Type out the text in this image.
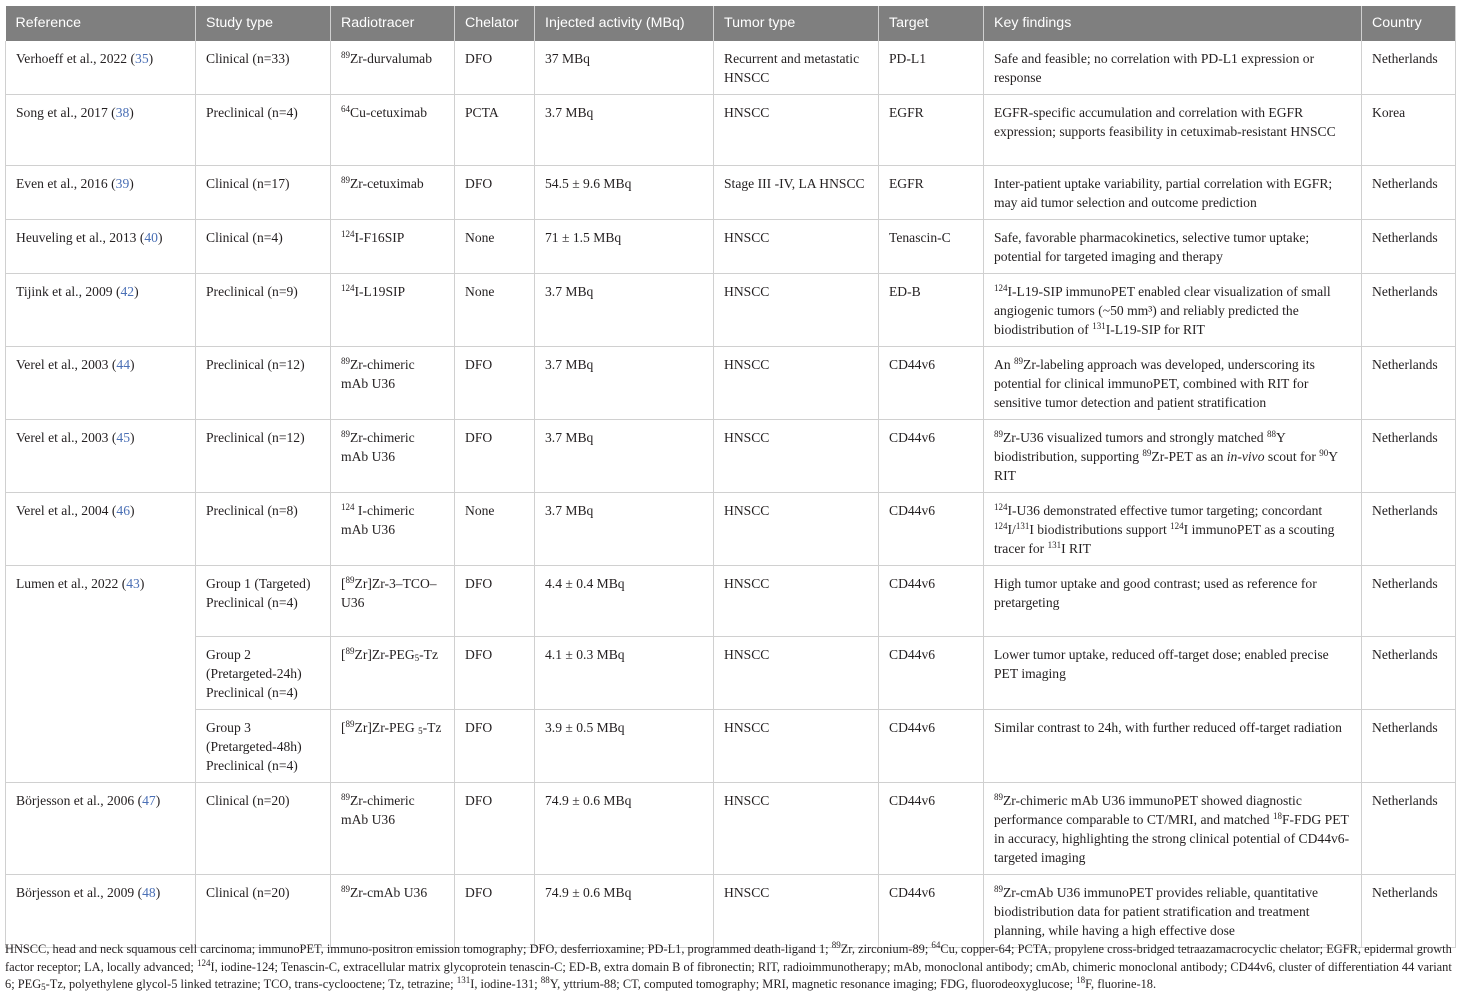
Reference	Study type	Radiotracer	Chelator	Injected activity (MBq)	Tumor type	Target	Key findings	Country
Verhoeff et al., 2022 (35)	Clinical (n=33)	$^{89}$Zr-durvalumab	DFO	37 MBq	Recurrent and metastatic HNSCC	PD-L1	Safe and feasible; no correlation with PD-L1 expression or response	Netherlands
Song et al., 2017 (38)	Preclinical (n=4)	$^{64}$Cu-cetuximab	PCTA	3.7 MBq	HNSCC	EGFR	EGFR-specific accumulation and correlation with EGFR expression; supports feasibility in cetuximab-resistant HNSCC	Korea
Even et al., 2016 (39)	Clinical (n=17)	$^{89}$Zr-cetuximab	DFO	54.5 ± 9.6 MBq	Stage III -IV, LA HNSCC	EGFR	Inter-patient uptake variability, partial correlation with EGFR; may aid tumor selection and outcome prediction	Netherlands
Heuveling et al., 2013 (40)	Clinical (n=4)	$^{124}$I-F16SIP	None	71 ± 1.5 MBq	HNSCC	Tenascin-C	Safe, favorable pharmacokinetics, selective tumor uptake; potential for targeted imaging and therapy	Netherlands
Tijink et al., 2009 (42)	Preclinical (n=9)	$^{124}$I-L19SIP	None	3.7 MBq	HNSCC	ED-B	$^{124}$I-L19-SIP immunoPET enabled clear visualization of small angiogenic tumors (~50 mm³) and reliably predicted the biodistribution of $^{131}$I-L19-SIP for RIT	Netherlands
Verel et al., 2003 (44)	Preclinical (n=12)	$^{89}$Zr-chimeric mAb U36	DFO	3.7 MBq	HNSCC	CD44v6	An $^{89}$Zr-labeling approach was developed, underscoring its potential for clinical immunoPET, combined with RIT for sensitive tumor detection and patient stratification	Netherlands
Verel et al., 2003 (45)	Preclinical (n=12)	$^{89}$Zr-chimeric mAb U36	DFO	3.7 MBq	HNSCC	CD44v6	$^{89}$Zr-U36 visualized tumors and strongly matched $^{88}$Y biodistribution, supporting $^{89}$Zr-PET as an in-vivo scout for $^{90}$Y RIT	Netherlands
Verel et al., 2004 (46)	Preclinical (n=8)	$^{124}$ I-chimeric mAb U36	None	3.7 MBq	HNSCC	CD44v6	$^{124}$I-U36 demonstrated effective tumor targeting; concordant $^{124}$I/$^{131}$I biodistributions support $^{124}$I immunoPET as a scouting tracer for $^{131}$I RIT	Netherlands
Lumen et al., 2022 (43)	Group 1 (Targeted) Preclinical (n=4)	[$^{89}$Zr]Zr-3–TCO–U36	DFO	4.4 ± 0.4 MBq	HNSCC	CD44v6	High tumor uptake and good contrast; used as reference for pretargeting	Netherlands
	Group 2 (Pretargeted-24h) Preclinical (n=4)	$[^{89}Zr]Zr-PEG_5-Tz$	DFO	4.1 ± 0.3 MBq	HNSCC	CD44v6	Lower tumor uptake, reduced off-target dose; enabled precise PET imaging	Netherlands
	Group 3 (Pretargeted-48h) Preclinical (n=4)	[$^{89}$Zr]Zr-PEG $_5$-Tz	DFO	3.9 ± 0.5 MBq	HNSCC	CD44v6	Similar contrast to 24h, with further reduced off-target radiation	Netherlands
Börjesson et al., 2006 (47)	Clinical (n=20)	$^{89}$Zr-chimeric mAb U36	DFO	74.9 ± 0.6 MBq	HNSCC	CD44v6	$^{89}$Zr-chimeric mAb U36 immunoPET showed diagnostic performance comparable to CT/MRI, and matched $^{18}$F-FDG PET in accuracy, highlighting the strong clinical potential of CD44v6-targeted imaging	Netherlands
Börjesson et al., 2009 (48)	Clinical (n=20)	$^{89}$Zr-cmAb U36	DFO	74.9 ± 0.6 MBq	HNSCC	CD44v6	$^{89}$Zr-cmAb U36 immunoPET provides reliable, quantitative biodistribution data for patient stratification and treatment planning, while having a high effective dose	Netherlands
HNSCC, head and neck squamous cell carcinoma; immunoPET, immuno-positron emission tomography; DFO, desferrioxamine; PD-L1, programmed death-ligand 1; $^{89}$Zr, zirconium-89; $^{64}$Cu, copper-64; PCTA, propylene cross-bridged tetraazamacrocyclic chelator; EGFR, epidermal growth factor receptor; LA, locally advanced; $^{124}$I, iodine-124; Tenascin-C, extracellular matrix glycoprotein tenascin-C; ED-B, extra domain B of fibronectin; RIT, radioimmunotherapy; mAb, monoclonal antibody; cmAb, chimeric monoclonal antibody; CD44v6, cluster of differentiation 44 variant 6; $PEG_5-Tz$, polyethylene glycol-5 linked tetrazine; TCO, trans-cyclooctene; Tz, tetrazine; $^{131}$I, iodine-131; $^{88}$Y, yttrium-88; CT, computed tomography; MRI, magnetic resonance imaging; FDG, fluorodeoxyglucose; $^{18}$F, fluorine-18.
